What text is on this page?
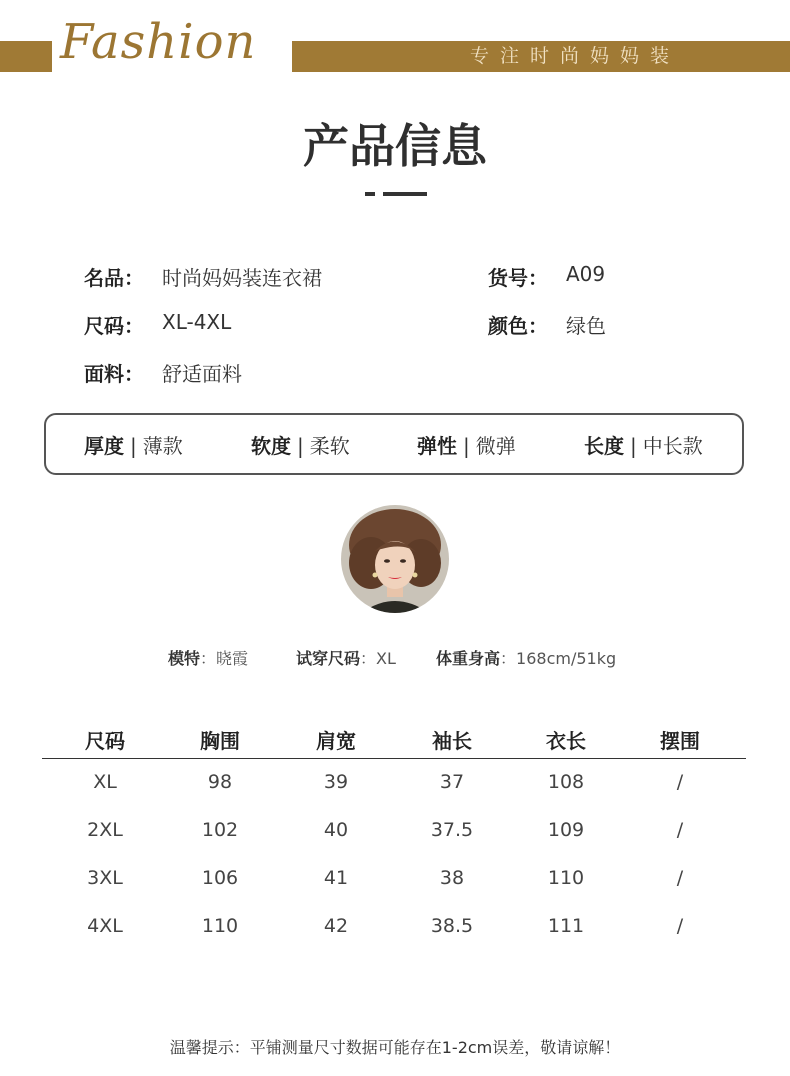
Fashion	专注时尚妈妈装
产品信息
名品： 时尚妈妈装连衣裙	货号： A09
尺码： XL-4XL	颜色： 绿色
面料： 舒适面料
厚度 | 薄款	软度 | 柔软	弹性 | 微弹	长度 | 中长款
模特：晓霞	试穿尺码：XL	体重身高：168cm/51kg
尺码	胸围	肩宽	袖长	衣长	摆围
XL	98	39	37	108	/
2XL	102	40	37.5	109	/
3XL	106	41	38	110	/
4XL	110	42	38.5	111	/
温馨提示：平铺测量尺寸数据可能存在1-2cm误差，敬请谅解！
